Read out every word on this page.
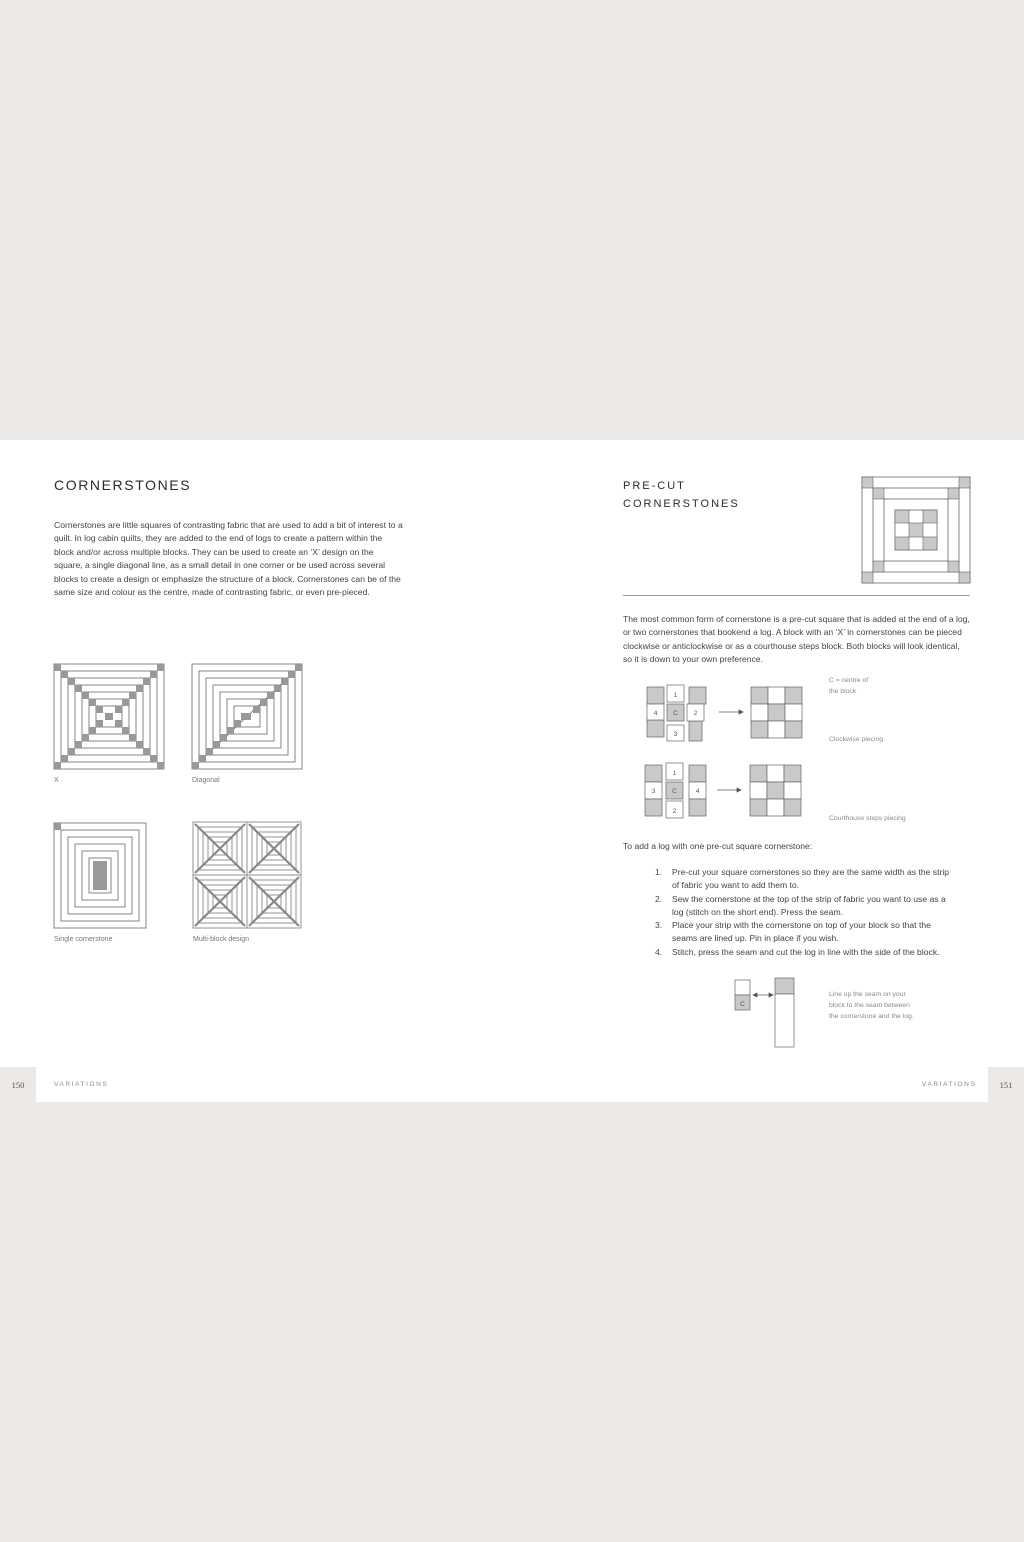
CORNERSTONES

Cornerstones are little squares of contrasting fabric that are used to add a bit of interest to a quilt. In log cabin quilts, they are added to the end of logs to create a pattern within the block and/or across multiple blocks. They can be used to create an ‘X’ design on the square, a single diagonal line, as a small detail in one corner or be used across several blocks to create a design or emphasize the structure of a block. Cornerstones can be of the same size and colour as the centre, made of contrasting fabric, or even pre-pieced.

X	Diagonal
Single cornerstone	Multi-block design
150	VARIATIONS
PRE-CUT
CORNERSTONES

The most common form of cornerstone is a pre-cut square that is added at the end of a log, or two cornerstones that bookend a log. A block with an ‘X’ in cornerstones can be pieced clockwise or anticlockwise or as a courthouse steps block. Both blocks will look identical, so it is down to your own preference.

1
4 C 2
3
C = centre of
the block
Clockwise piecing
1
3	C	4
2
Courthouse steps piecing

To add a log with one pre-cut square cornerstone:

1. Pre-cut your square cornerstones so they are the same width as the strip
of fabric you want to add them to.
2. Sew the cornerstone at the top of the strip of fabric you want to use as a
log (stitch on the short end). Press the seam.
3. Place your strip with the cornerstone on top of your block so that the
seams are lined up. Pin in place if you wish.
4. Stitch, press the seam and cut the log in line with the side of the block.
C
Line up the seam on your
block to the seam between
the cornerstone and the log.
VARIATIONS	151
